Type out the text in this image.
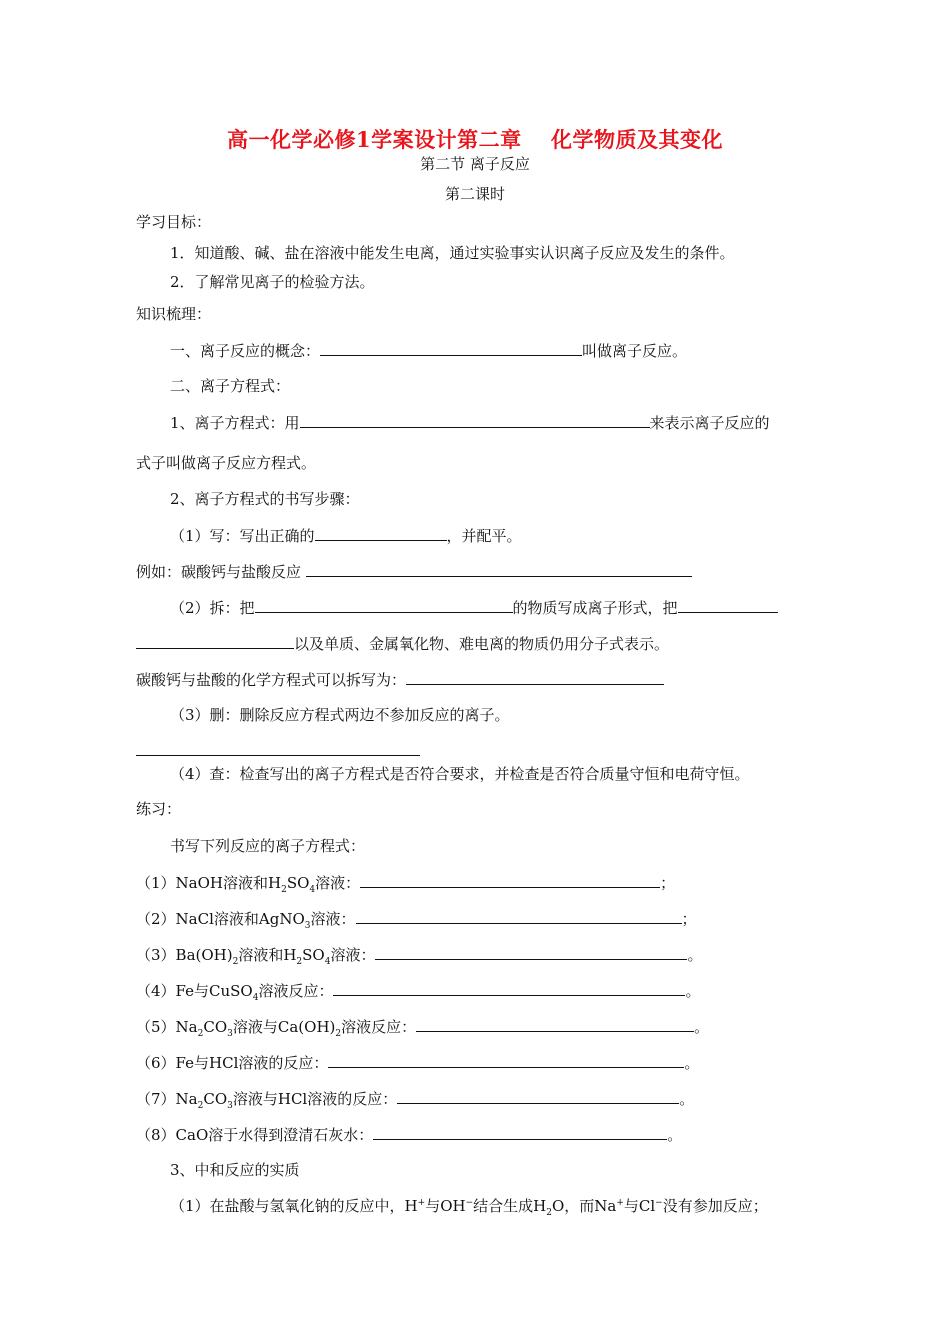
高一化学必修1学案设计第二章　 化学物质及其变化
第二节 离子反应
第二课时
学习目标：
1．知道酸、碱、盐在溶液中能发生电离，通过实验事实认识离子反应及发生的条件。
2．了解常见离子的检验方法。
知识梳理：
一、离子反应的概念：	叫做离子反应。
二、离子方程式：
1、离子方程式：用	来表示离子反应的
式子叫做离子反应方程式。
2、离子方程式的书写步骤：
（1）写：写出正确的	，并配平。
例如：碳酸钙与盐酸反应
（2）拆：把	的物质写成离子形式，把
以及单质、金属氧化物、难电离的物质仍用分子式表示。
碳酸钙与盐酸的化学方程式可以拆写为：
（3）删：删除反应方程式两边不参加反应的离子。
（4）查：检查写出的离子方程式是否符合要求，并检查是否符合质量守恒和电荷守恒。
练习：
书写下列反应的离子方程式：
（1）NaOH溶液和$H_2SO_4$溶液：	；
（2）NaCl溶液和AgNO$_3$溶液：	；
$(3)Ba(OH)_2$溶液和$H_2SO_4$溶液：	。
（4）Fe与CuSO$_4$溶液反应：	。
$(5)Na_2CO_3$溶液与$Ca(OH)_2$溶液反应：	。
（6）Fe与HCl溶液的反应：	。
$(7)Na_2CO_3$溶液与HCl溶液的反应：	。
（8）CaO溶于水得到澄清石灰水：	。
3、中和反应的实质
（1）在盐酸与氢氧化钠的反应中，H+与OH−结合生成$H_2O$，而Na+与Cl−没有参加反应；
